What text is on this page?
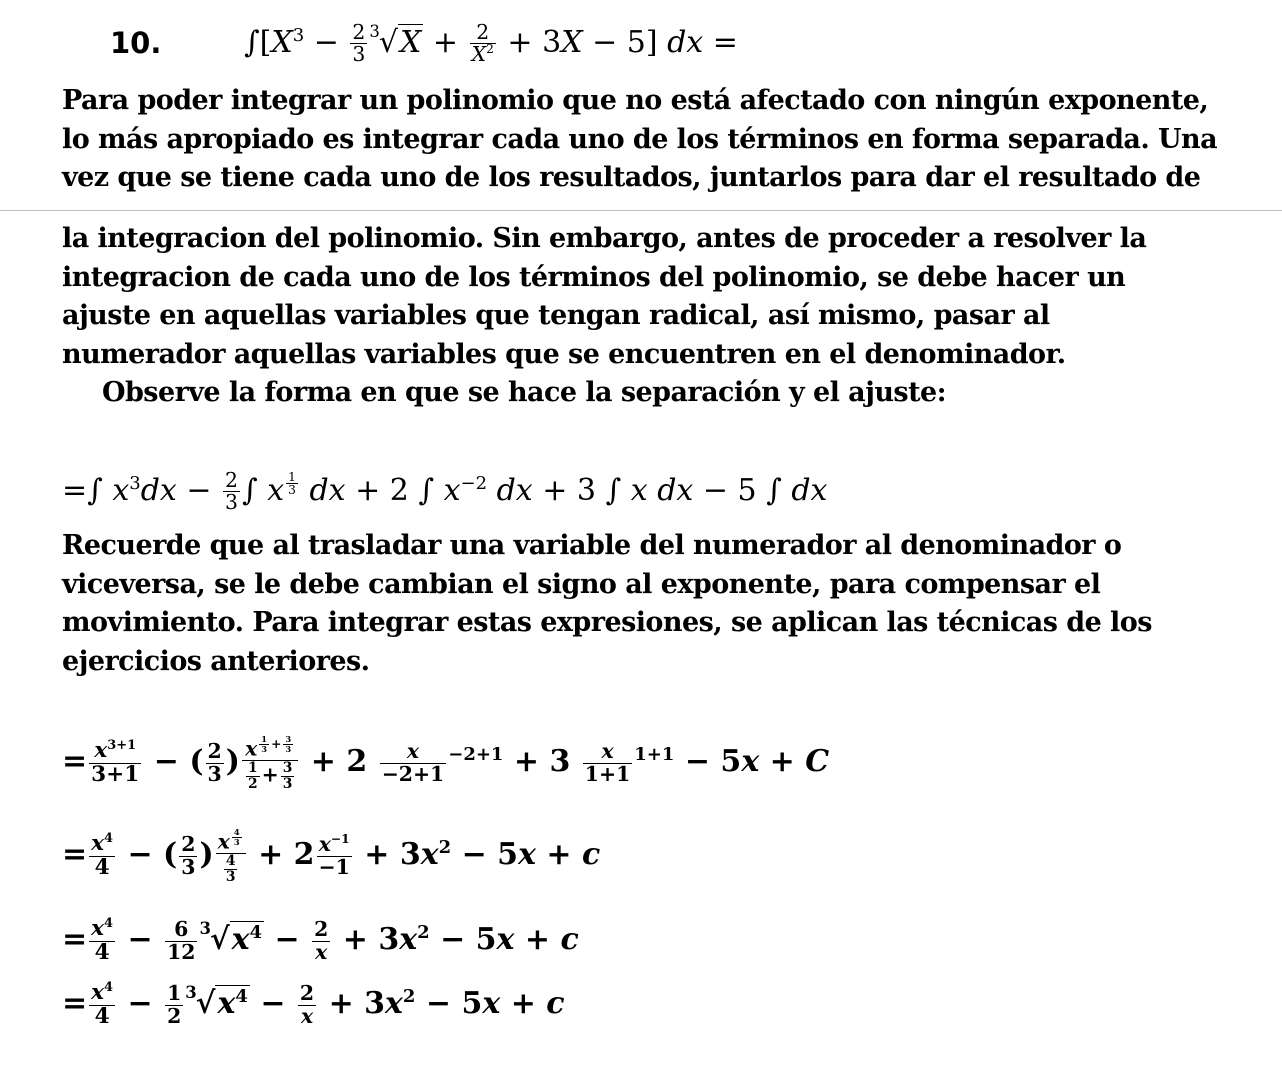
10.	$\int[X^3 - \frac{2}{3} ^3√X + \frac{2}{X^2} + 3X - 5]$ dx =
Para poder integrar un polinomio que no está afectado con ningún exponente,
lo más apropiado es integrar cada uno de los términos en forma separada. Una
vez que se tiene cada uno de los resultados, juntarlos para dar el resultado de
la integracion del polinomio. Sin embargo, antes de proceder a resolver la
integracion de cada uno de los términos del polinomio, se debe hacer un
ajuste en aquellas variables que tengan radical, así mismo, pasar al
numerador aquellas variables que se encuentren en el denominador.
Observe la forma en que se hace la separación y el ajuste:
=∫ $x^3dx - \frac{2}{3}$ ∫ x $^{\frac{1}{3}}$ dx + 2 ∫ $x^{-2}$ dx + 3 ∫ x dx − 5 ∫ dx
Recuerde que al trasladar una variable del numerador al denominador o
viceversa, se le debe cambian el signo al exponente, para compensar el
movimiento. Para integrar estas expresiones, se aplican las técnicas de los
ejercicios anteriores.
= $\frac{x^{3+1}}{3+1}$ − ( $\frac{2}{3}$ ) x $^{\frac{1}{3} + \frac{3}{3}}$
$\frac{1}{2} + \frac{3}{3} + 2 \frac{x}{-2+1} ^{-2+1} + 3 \frac{x}{1+1} ^{1+1} - 5x + C$
= $\frac{x^4}{4}$ − ( $\frac{2}{3}$ ) x $^{\frac{4}{3}}$
$\frac{4}{3} + 2 \frac{x^{-1}}{-1} + 3x^2 - 5x + c$
= $\frac{x^4}{4} - \frac{6}{12} ^3√x^4 - \frac{2}{x} + 3x^2 - 5x + c$
= $\frac{x^4}{4} - \frac{1}{2} ^3√x^4 - \frac{2}{x} + 3x^2 - 5x + c$
